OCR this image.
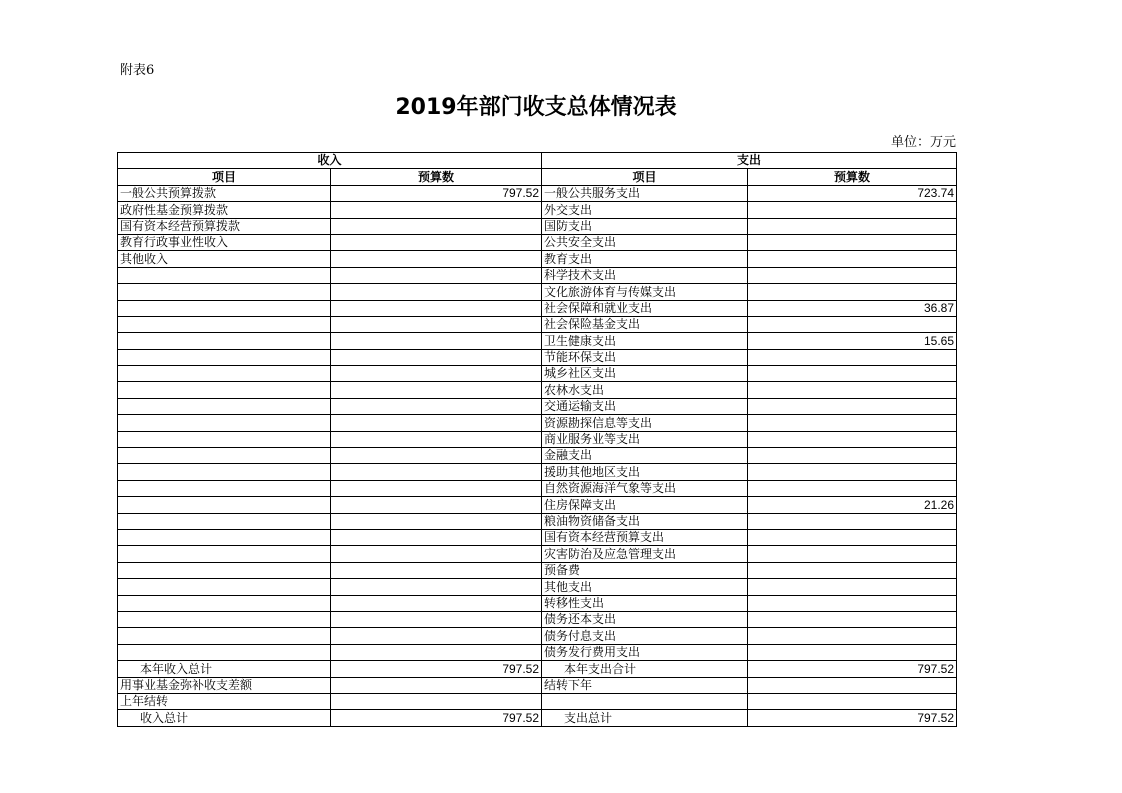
附表6
2019年部门收支总体情况表
单位：万元
收入		支出	
项目	预算数	项目	预算数
一般公共预算拨款	797.52	一般公共服务支出	723.74
政府性基金预算拨款		外交支出	
国有资本经营预算拨款		国防支出	
教育行政事业性收入		公共安全支出	
其他收入		教育支出	
		科学技术支出	
		文化旅游体育与传媒支出	
		社会保障和就业支出	36.87
		社会保险基金支出	
		卫生健康支出	15.65
		节能环保支出	
		城乡社区支出	
		农林水支出	
		交通运输支出	
		资源勘探信息等支出	
		商业服务业等支出	
		金融支出	
		援助其他地区支出	
		自然资源海洋气象等支出	
		住房保障支出	21.26
		粮油物资储备支出	
		国有资本经营预算支出	
		灾害防治及应急管理支出	
		预备费	
		其他支出	
		转移性支出	
		债务还本支出	
		债务付息支出	
		债务发行费用支出	
本年收入总计	797.52	本年支出合计	797.52
用事业基金弥补收支差额		结转下年	
上年结转			
收入总计	797.52	支出总计	797.52
